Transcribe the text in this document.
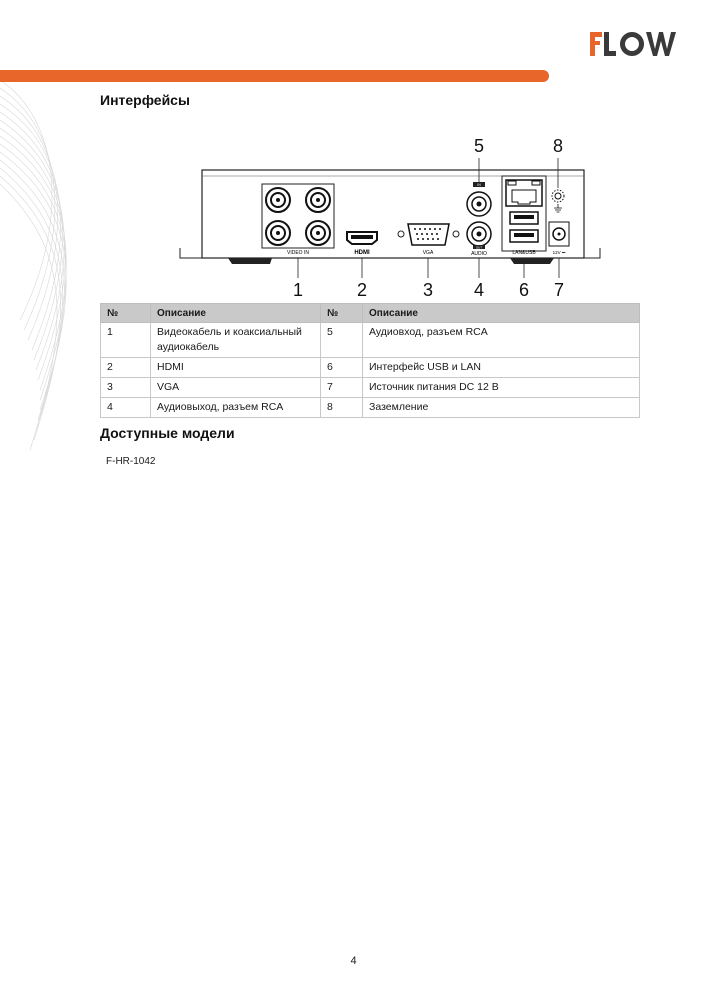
Интерфейсы
VIDEO IN	HDMI	VGA
IN
OUT
AUDIO	LAN&USB	12V ⎓
1	2	3 4
5
6 7
8
№	Описание	№	Описание
1	Видеокабель и коаксиальный аудиокабель	5	Аудиовход, разъем RCA
2	HDMI	6	Интерфейс USB и LAN
3	VGA	7	Источник питания DC 12 В
4	Аудиовыход, разъем RCA	8	Заземление
Доступные модели
F-HR-1042
4
